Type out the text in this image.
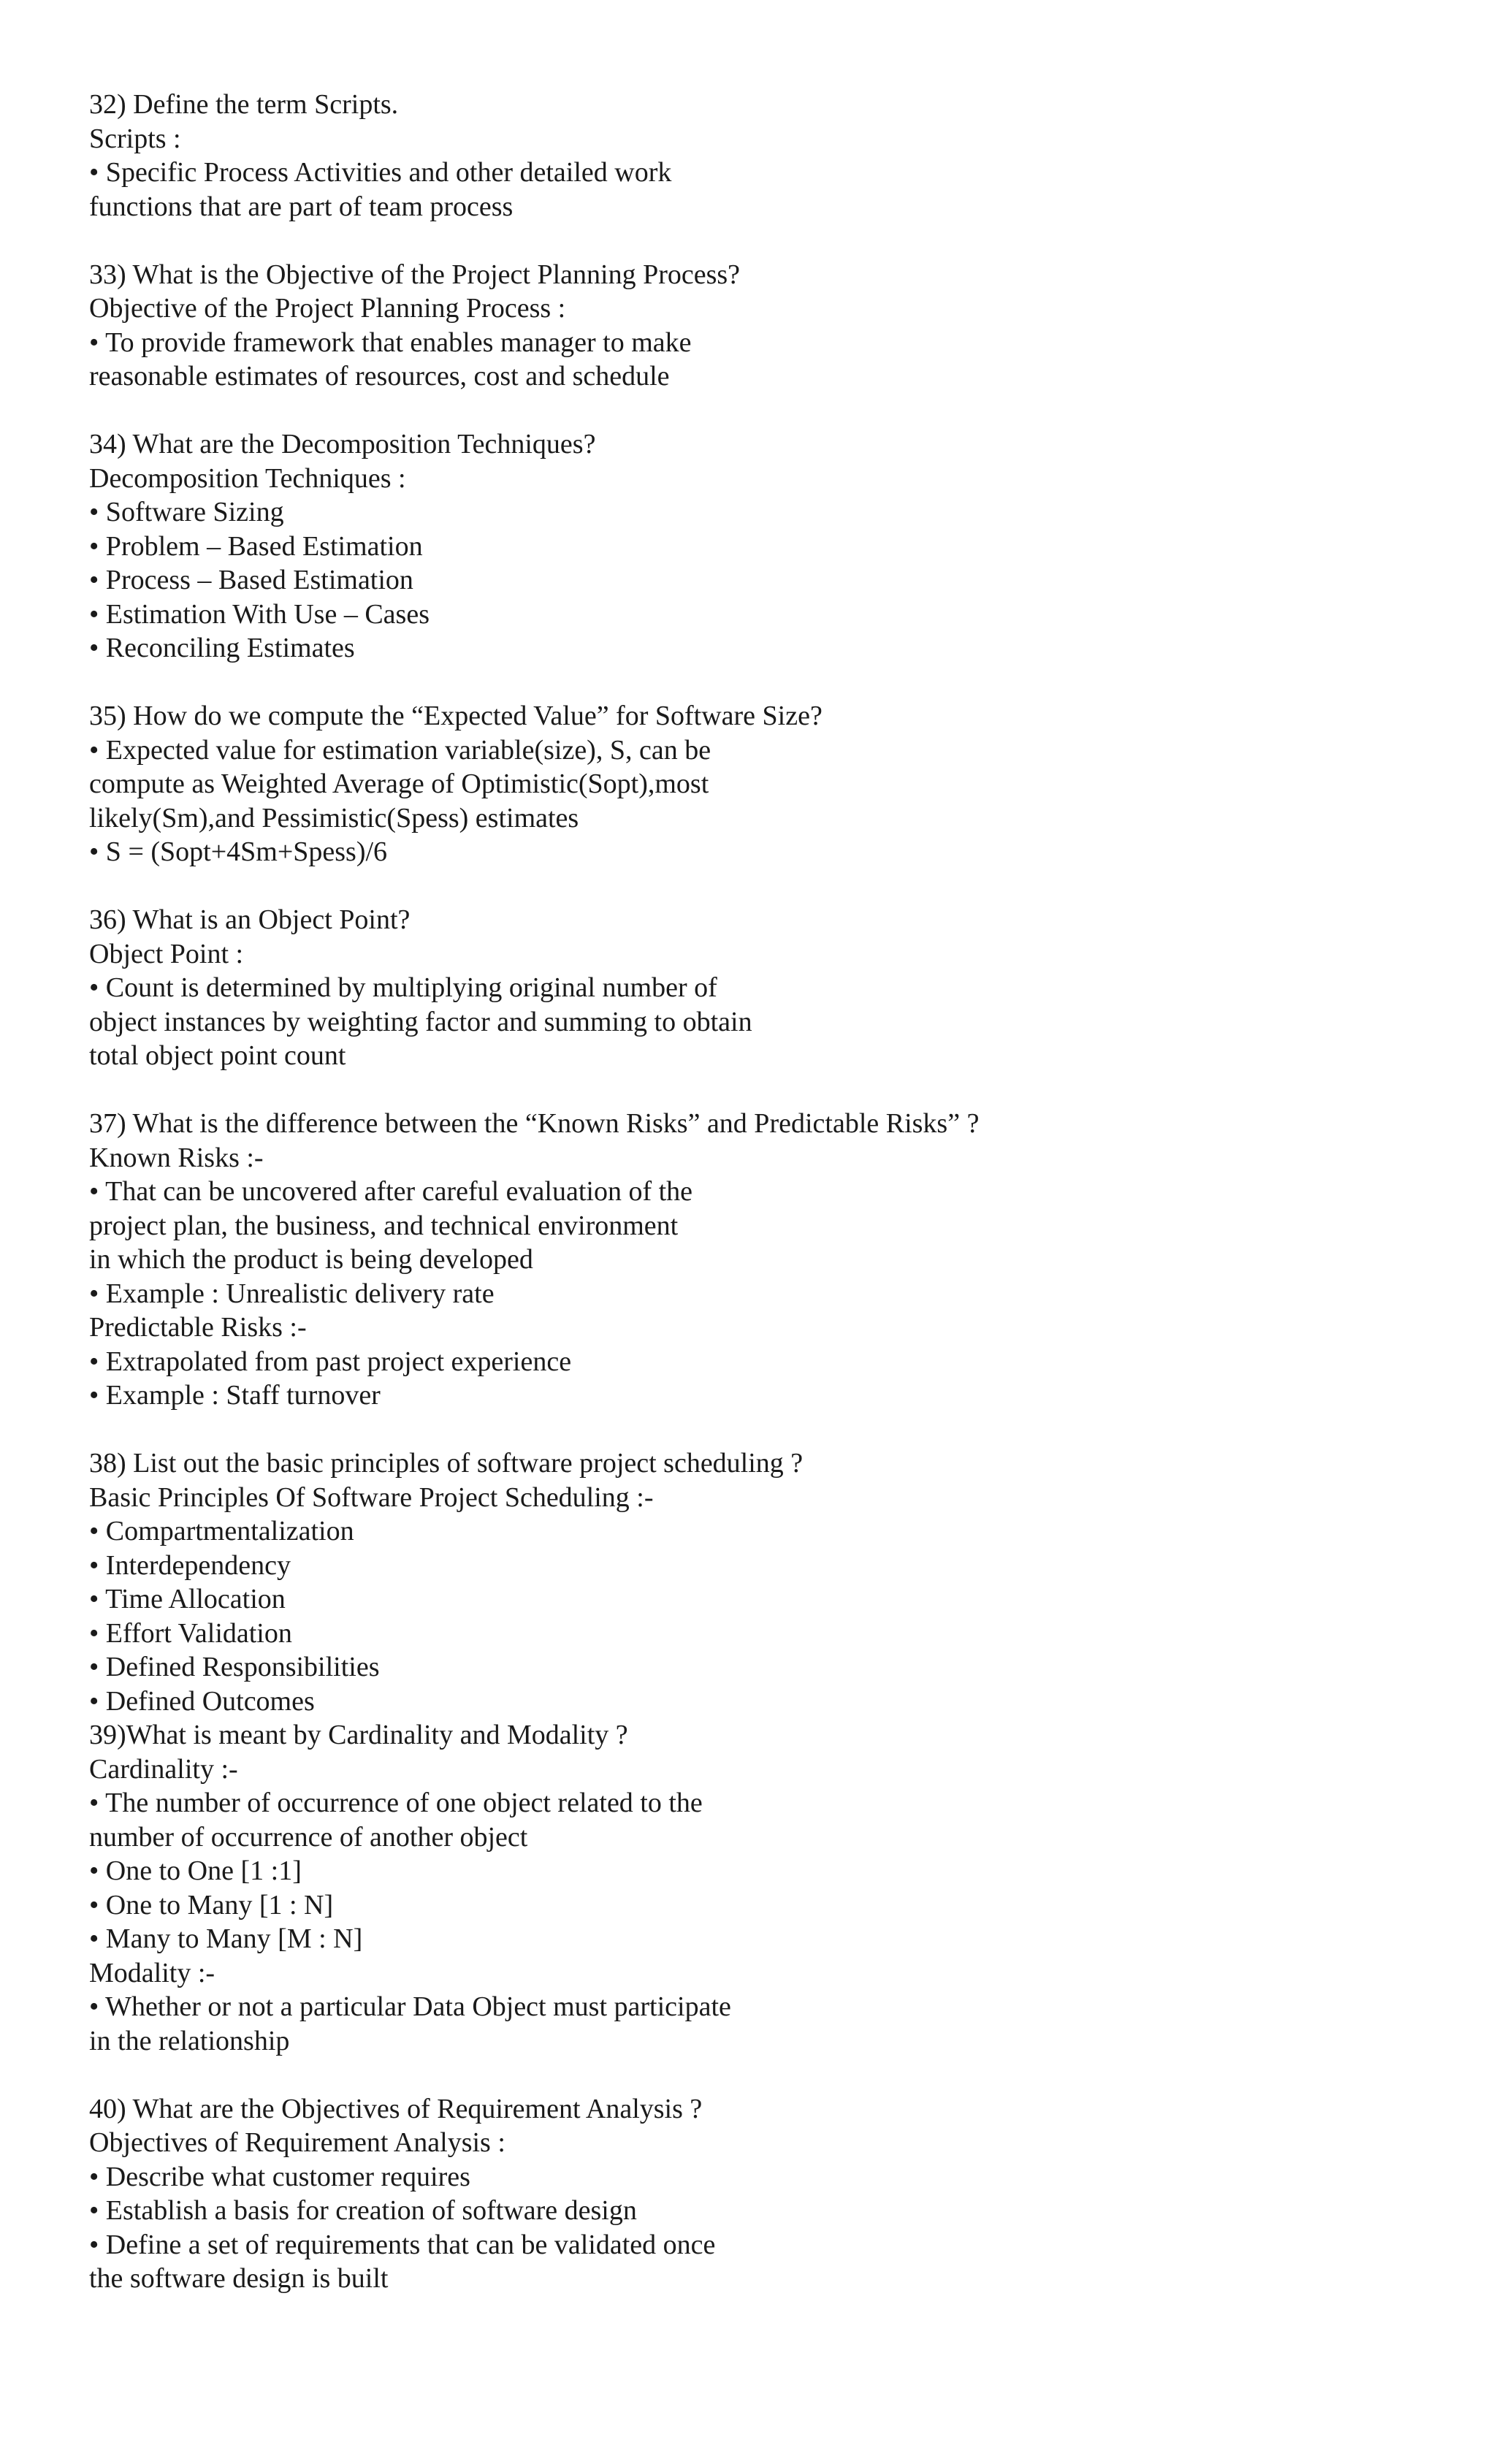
32) Define the term Scripts.
Scripts :
• Specific Process Activities and other detailed work
functions that are part of team process
33) What is the Objective of the Project Planning Process?
Objective of the Project Planning Process :
• To provide framework that enables manager to make
reasonable estimates of resources, cost and schedule
34) What are the Decomposition Techniques?
Decomposition Techniques :
• Software Sizing
• Problem – Based Estimation
• Process – Based Estimation
• Estimation With Use – Cases
• Reconciling Estimates
35) How do we compute the “Expected Value” for Software Size?
• Expected value for estimation variable(size), S, can be
compute as Weighted Average of Optimistic(Sopt),most
likely(Sm),and Pessimistic(Spess) estimates
• S = (Sopt+4Sm+Spess)/6
36) What is an Object Point?
Object Point :
• Count is determined by multiplying original number of
object instances by weighting factor and summing to obtain
total object point count
37) What is the difference between the “Known Risks” and Predictable Risks” ?
Known Risks :-
• That can be uncovered after careful evaluation of the
project plan, the business, and technical environment
in which the product is being developed
• Example : Unrealistic delivery rate
Predictable Risks :-
• Extrapolated from past project experience
• Example : Staff turnover
38) List out the basic principles of software project scheduling ?
Basic Principles Of Software Project Scheduling :-
• Compartmentalization
• Interdependency
• Time Allocation
• Effort Validation
• Defined Responsibilities
• Defined Outcomes
39)What is meant by Cardinality and Modality ?
Cardinality :-
• The number of occurrence of one object related to the
number of occurrence of another object
• One to One [1 :1]
• One to Many [1 : N]
• Many to Many [M : N]
Modality :-
• Whether or not a particular Data Object must participate
in the relationship
40) What are the Objectives of Requirement Analysis ?
Objectives of Requirement Analysis :
• Describe what customer requires
• Establish a basis for creation of software design
• Define a set of requirements that can be validated once
the software design is built
